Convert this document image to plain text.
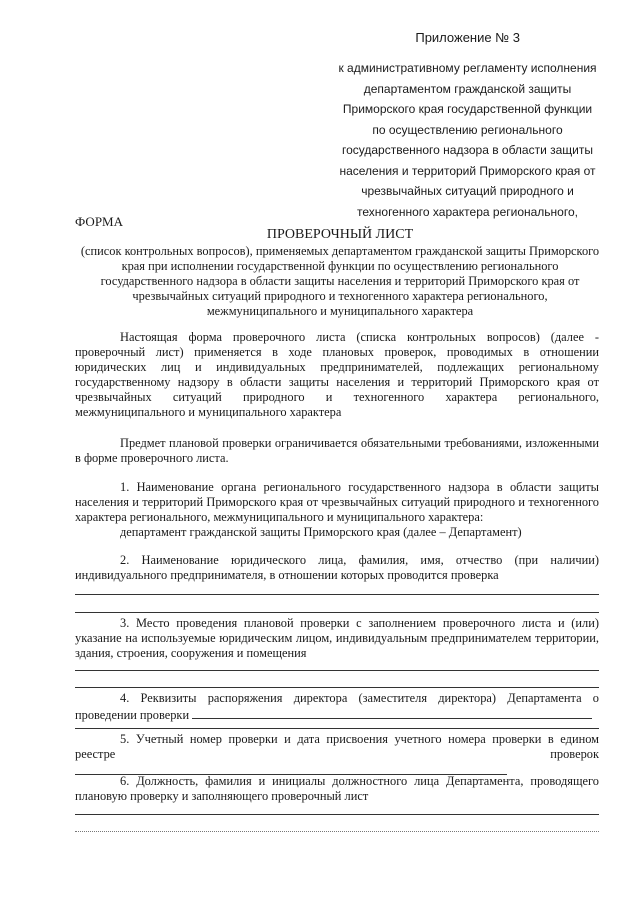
Приложение № 3
к административному регламенту исполнения
департаментом гражданской защиты
Приморского края государственной функции
по осуществлению регионального
государственного надзора в области защиты
населения и территорий Приморского края от
чрезвычайных ситуаций природного и
техногенного характера регионального,
ФОРМА
ПРОВЕРОЧНЫЙ ЛИСТ
(список контрольных вопросов), применяемых департаментом гражданской защиты Приморского края при исполнении государственной функции по осуществлению регионального государственного надзора в области защиты населения и территорий Приморского края от чрезвычайных ситуаций природного и техногенного характера регионального, межмуниципального и муниципального характера

Настоящая форма проверочного листа (списка контрольных вопросов) (далее - проверочный лист) применяется в ходе плановых проверок, проводимых в отношении юридических лиц и индивидуальных предпринимателей, подлежащих региональному государственному надзору в области защиты населения и территорий Приморского края от чрезвычайных ситуаций природного и техногенного характера регионального, межмуниципального и муниципального характера

Предмет плановой проверки ограничивается обязательными требованиями, изложенными в форме проверочного листа.

1. Наименование органа регионального государственного надзора в области защиты населения и территорий Приморского края от чрезвычайных ситуаций природного и техногенного характера регионального, межмуниципального и муниципального характера:

департамент гражданской защиты Приморского края (далее – Департамент)

2. Наименование юридического лица, фамилия, имя, отчество (при наличии) индивидуального предпринимателя, в отношении которых проводится проверка

3. Место проведения плановой проверки с заполнением проверочного листа и (или) указание на используемые юридическим лицом, индивидуальным предпринимателем территории, здания, строения, сооружения и помещения

4. Реквизиты распоряжения директора (заместителя директора) Департамента о проведении проверки

5. Учетный номер проверки и дата присвоения учетного номера проверки в едином реестре проверок

6. Должность, фамилия и инициалы должностного лица Департамента, проводящего плановую проверку и заполняющего проверочный лист
